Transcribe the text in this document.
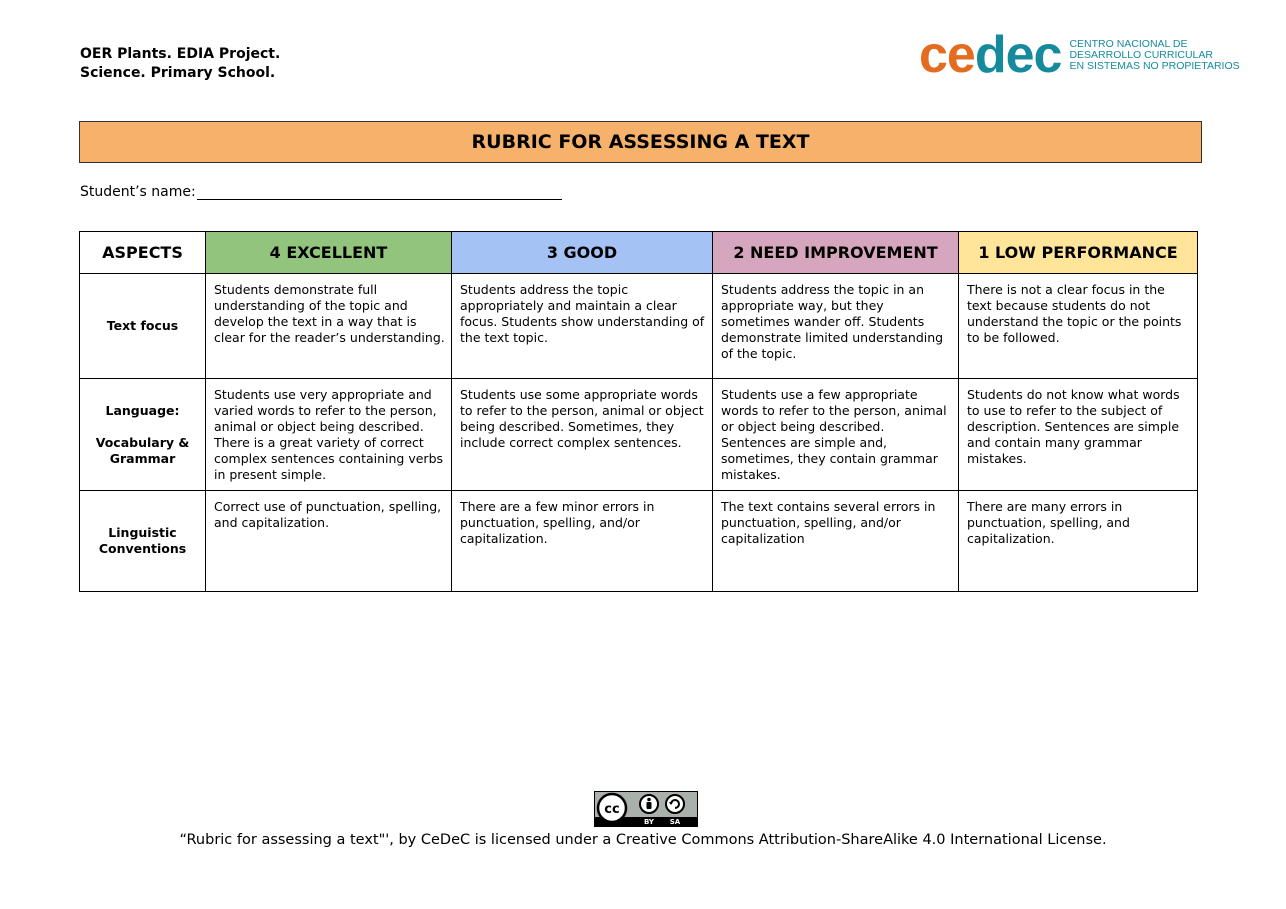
OER Plants. EDIA Project.
Science. Primary School.	cedec CENTRO NACIONAL DE
DESARROLLO CURRICULAR
EN SISTEMAS NO PROPIETARIOS
RUBRIC FOR ASSESSING A TEXT
Student’s name:
ASPECTS	4 EXCELLENT	3 GOOD	2 NEED IMPROVEMENT	1 LOW PERFORMANCE
Text focus	Students demonstrate full understanding of the topic and develop the text in a way that is clear for the reader’s understanding.	Students address the topic appropriately and maintain a clear focus. Students show understanding of the text topic.	Students address the topic in an appropriate way, but they sometimes wander off. Students demonstrate limited understanding of the topic.	There is not a clear focus in the text because students do not understand the topic or the points to be followed.
Language:
Vocabulary & Grammar	Students use very appropriate and varied words to refer to the person, animal or object being described. There is a great variety of correct complex sentences containing verbs in present simple.	Students use some appropriate words to refer to the person, animal or object being described. Sometimes, they include correct complex sentences.	Students use a few appropriate words to refer to the person, animal or object being described. Sentences are simple and, sometimes, they contain grammar mistakes.	Students do not know what words to use to refer to the subject of description. Sentences are simple and contain many grammar mistakes.
Linguistic Conventions	Correct use of punctuation, spelling, and capitalization.	There are a few minor errors in punctuation, spelling, and/or capitalization.	The text contains several errors in punctuation, spelling, and/or capitalization	There are many errors in punctuation, spelling, and capitalization.
cc
BY SA
“Rubric for assessing a text"', by CeDeC is licensed under a Creative Commons Attribution-ShareAlike 4.0 International License.
